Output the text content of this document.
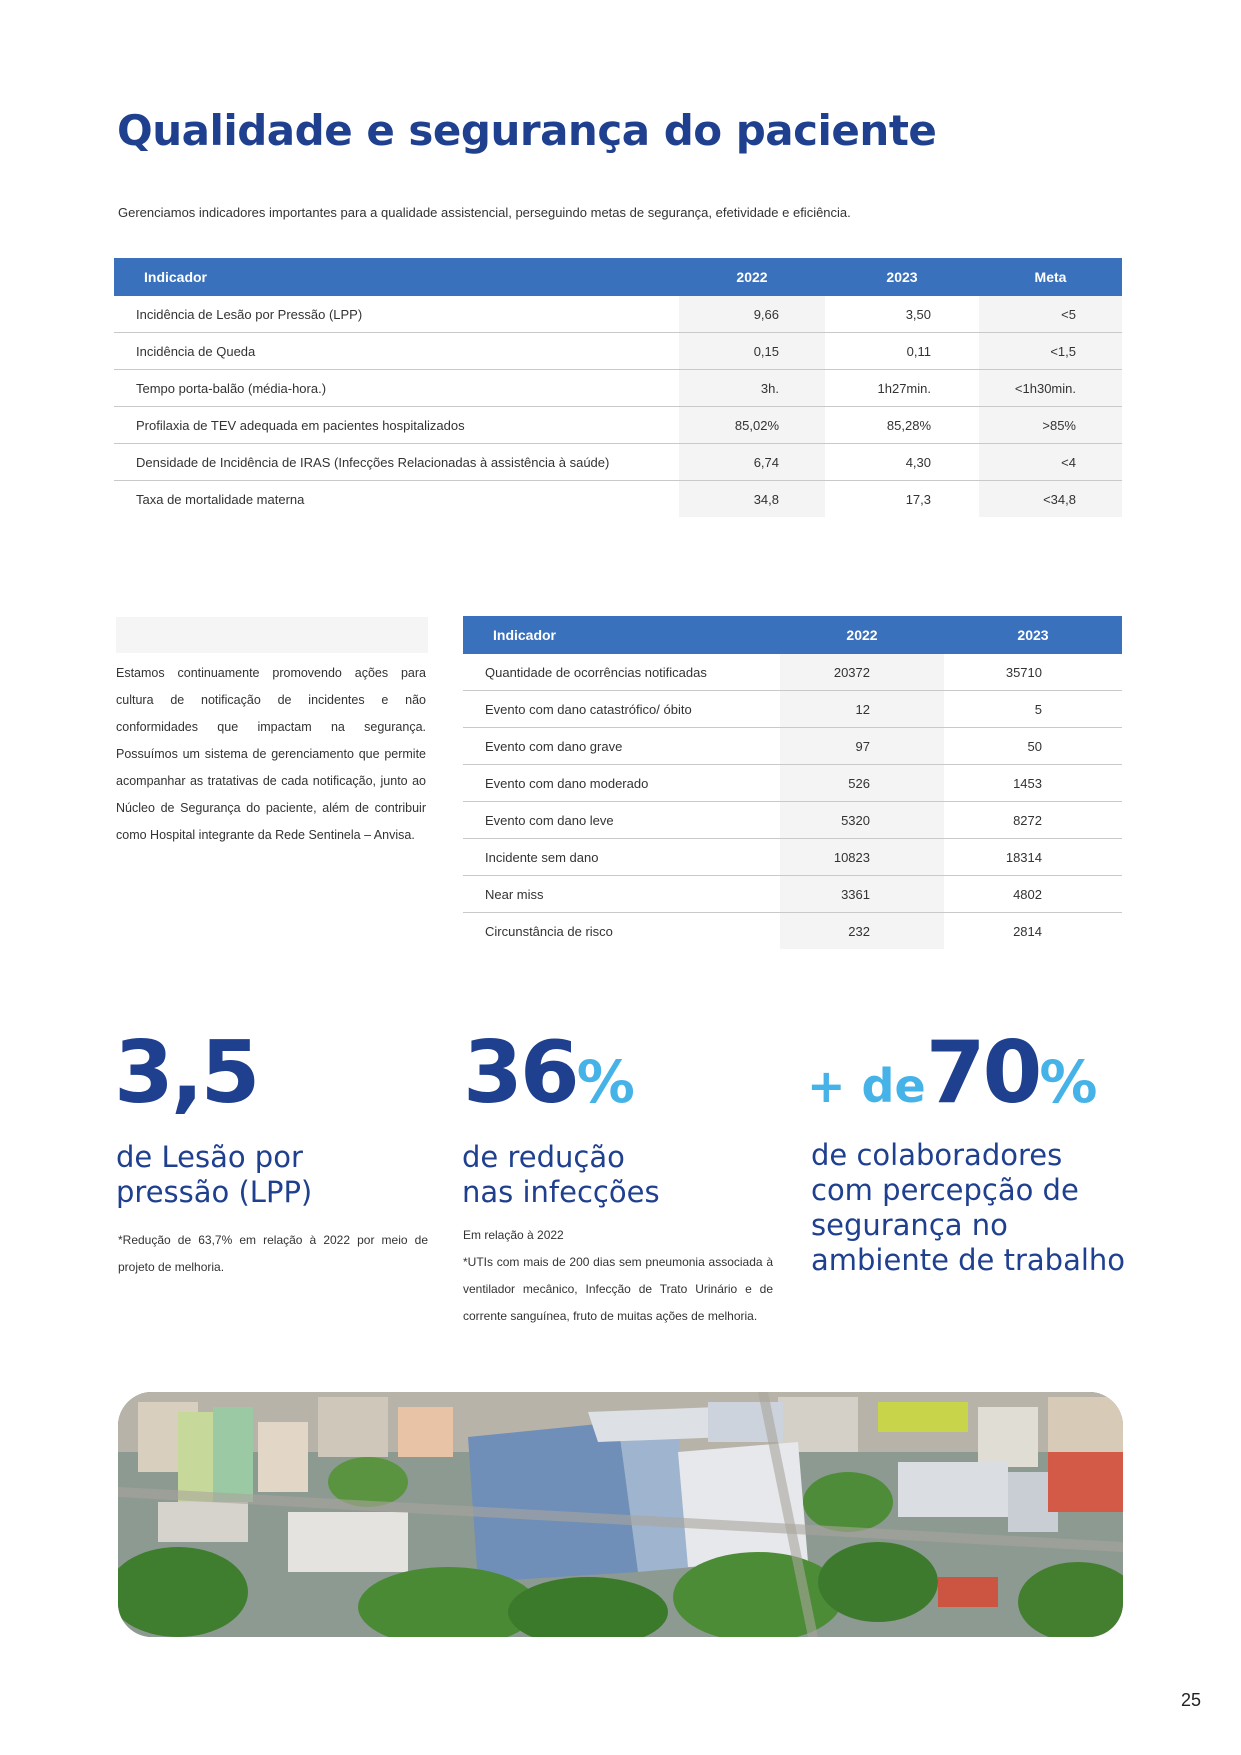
Qualidade e segurança do paciente
Gerenciamos indicadores importantes para a qualidade assistencial, perseguindo metas de segurança, efetividade e eficiência.
Indicador	2022	2023	Meta
Incidência de Lesão por Pressão (LPP)	9,66	3,50	<5
Incidência de Queda	0,15	0,11	<1,5
Tempo porta-balão (média-hora.)	3h.	1h27min.	<1h30min.
Profilaxia de TEV adequada em pacientes hospitalizados	85,02%	85,28%	>85%
Densidade de Incidência de IRAS (Infecções Relacionadas à assistência à saúde)	6,74	4,30	<4
Taxa de mortalidade materna	34,8	17,3	<34,8
Estamos continuamente promovendo ações para cultura de notificação de incidentes e não conformidades que impactam na segurança. Possuímos um sistema de gerenciamento que permite acompanhar as tratativas de cada notificação, junto ao Núcleo de Segurança do paciente, além de contribuir como Hospital integrante da Rede Sentinela – Anvisa.
Indicador	2022	2023
Quantidade de ocorrências notificadas	20372	35710
Evento com dano catastrófico/ óbito	12	5
Evento com dano grave	97	50
Evento com dano moderado	526	1453
Evento com dano leve	5320	8272
Incidente sem dano	10823	18314
Near miss	3361	4802
Circunstância de risco	232	2814
3,5
de Lesão por
pressão (LPP)
*Redução de 63,7% em relação à 2022 por meio de projeto de melhoria.
36%
de redução
nas infecções
Em relação à 2022
*UTIs com mais de 200 dias sem pneumonia associada à ventilador mecânico, Infecção de Trato Urinário e de corrente sanguínea, fruto de muitas ações de melhoria.
+ de70%
de colaboradores
com percepção de
segurança no
ambiente de trabalho
25
